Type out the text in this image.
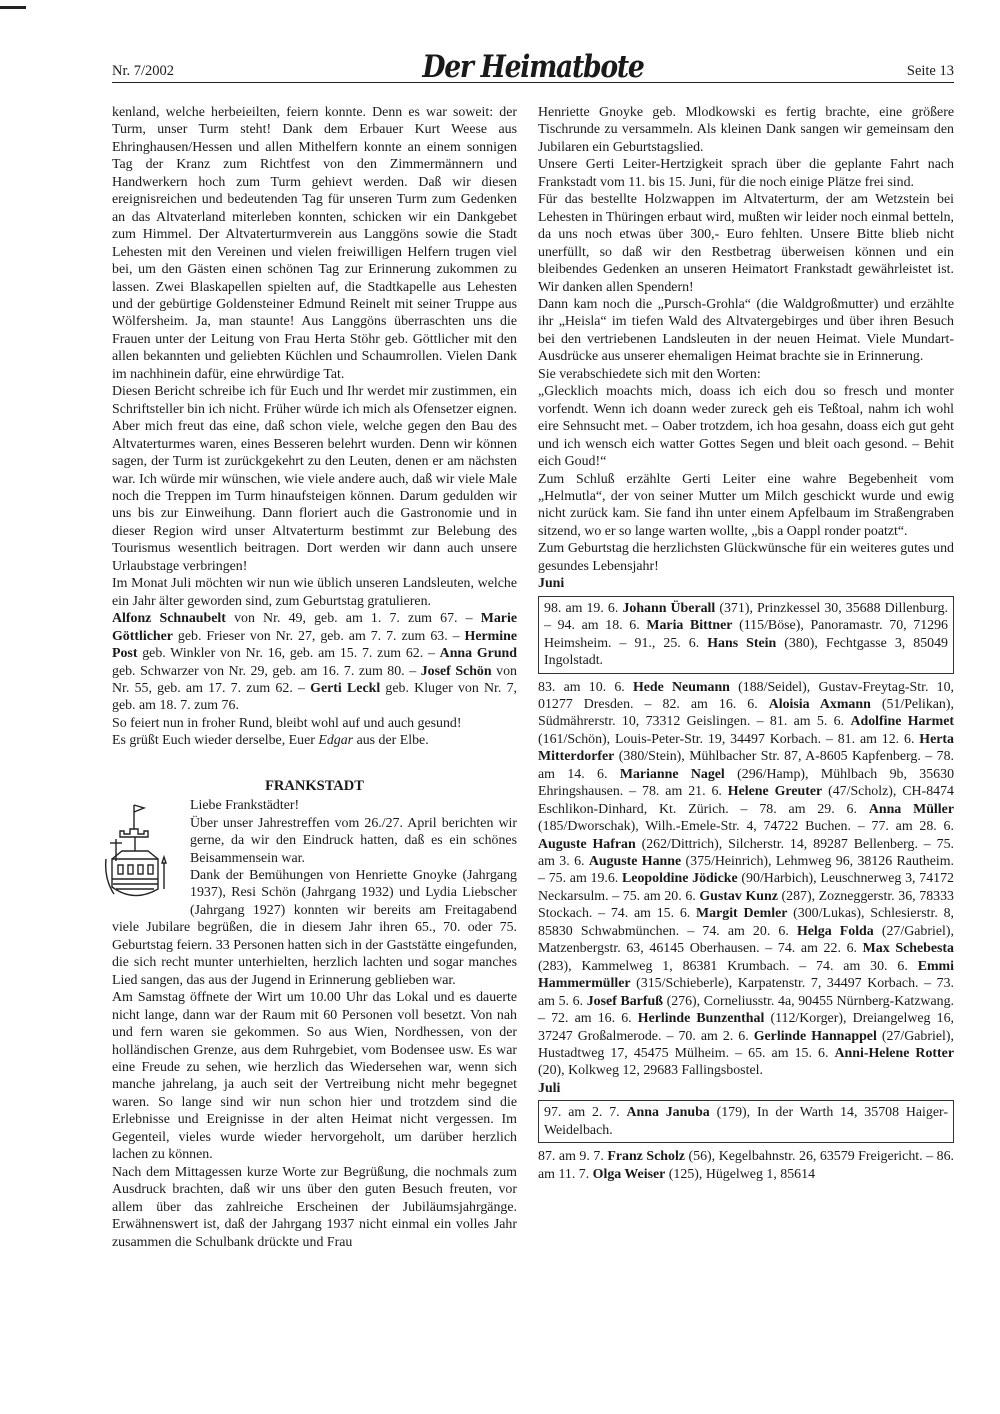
Nr. 7/2002	Der Heimatbote	Seite 13

kenland, welche herbeieilten, feiern konnte. Denn es war soweit: der Turm, unser Turm steht! Dank dem Erbauer Kurt Weese aus Ehringhausen/Hessen und allen Mithelfern konnte an einem sonnigen Tag der Kranz zum Richtfest von den Zimmermännern und Handwerkern hoch zum Turm gehievt werden. Daß wir diesen ereignisreichen und bedeutenden Tag für unseren Turm zum Gedenken an das Altvaterland miterleben konnten, schicken wir ein Dankgebet zum Himmel. Der Altvaterturmverein aus Langgöns sowie die Stadt Lehesten mit den Vereinen und vielen freiwilligen Helfern trugen viel bei, um den Gästen einen schönen Tag zur Erinnerung zukommen zu lassen. Zwei Blaskapellen spielten auf, die Stadtkapelle aus Lehesten und der gebürtige Goldensteiner Edmund Reinelt mit seiner Truppe aus Wölfersheim. Ja, man staunte! Aus Langgöns überraschten uns die Frauen unter der Leitung von Frau Herta Stöhr geb. Göttlicher mit den allen bekannten und geliebten Küchlen und Schaumrollen. Vielen Dank im nachhinein dafür, eine ehrwürdige Tat.

Diesen Bericht schreibe ich für Euch und Ihr werdet mir zustimmen, ein Schriftsteller bin ich nicht. Früher würde ich mich als Ofensetzer eignen. Aber mich freut das eine, daß schon viele, welche gegen den Bau des Altvaterturmes waren, eines Besseren belehrt wurden. Denn wir können sagen, der Turm ist zurückgekehrt zu den Leuten, denen er am nächsten war. Ich würde mir wünschen, wie viele andere auch, daß wir viele Male noch die Treppen im Turm hinaufsteigen können. Darum gedulden wir uns bis zur Einweihung. Dann floriert auch die Gastronomie und in dieser Region wird unser Altvaterturm bestimmt zur Belebung des Tourismus wesentlich beitragen. Dort werden wir dann auch unsere Urlaubstage verbringen!

Im Monat Juli möchten wir nun wie üblich unseren Landsleuten, welche ein Jahr älter geworden sind, zum Geburtstag gratulieren.

Alfonz Schnaubelt von Nr. 49, geb. am 1. 7. zum 67. – Marie Göttlicher geb. Frieser von Nr. 27, geb. am 7. 7. zum 63. – Hermine Post geb. Winkler von Nr. 16, geb. am 15. 7. zum 62. – Anna Grund geb. Schwarzer von Nr. 29, geb. am 16. 7. zum 80. – Josef Schön von Nr. 55, geb. am 17. 7. zum 62. – Gerti Leckl geb. Kluger von Nr. 7, geb. am 18. 7. zum 76.

So feiert nun in froher Rund, bleibt wohl auf und auch gesund!

Es grüßt Euch wieder derselbe, Euer Edgar aus der Elbe.

FRANKSTADT

Liebe Frankstädter!

Über unser Jahrestreffen vom 26./27. April berichten wir gerne, da wir den Eindruck hatten, daß es ein schönes Beisammensein war.

Dank der Bemühungen von Henriette Gnoyke (Jahrgang 1937), Resi Schön (Jahrgang 1932) und Lydia Liebscher (Jahrgang 1927) konnten wir bereits am Freitagabend viele Jubilare begrüßen, die in diesem Jahr ihren 65., 70. oder 75. Geburtstag feiern. 33 Personen hatten sich in der Gaststätte eingefunden, die sich recht munter unterhielten, herzlich lachten und sogar manches Lied sangen, das aus der Jugend in Erinnerung geblieben war.

Am Samstag öffnete der Wirt um 10.00 Uhr das Lokal und es dauerte nicht lange, dann war der Raum mit 60 Personen voll besetzt. Von nah und fern waren sie gekommen. So aus Wien, Nordhessen, von der holländischen Grenze, aus dem Ruhrgebiet, vom Bodensee usw. Es war eine Freude zu sehen, wie herzlich das Wiedersehen war, wenn sich manche jahrelang, ja auch seit der Vertreibung nicht mehr begegnet waren. So lange sind wir nun schon hier und trotzdem sind die Erlebnisse und Ereignisse in der alten Heimat nicht vergessen. Im Gegenteil, vieles wurde wieder hervorgeholt, um darüber herzlich lachen zu können.

Nach dem Mittagessen kurze Worte zur Begrüßung, die nochmals zum Ausdruck brachten, daß wir uns über den guten Besuch freuten, vor allem über das zahlreiche Erscheinen der Jubiläumsjahrgänge. Erwähnenswert ist, daß der Jahrgang 1937 nicht einmal ein volles Jahr zusammen die Schulbank drückte und Frau

Henriette Gnoyke geb. Mlodkowski es fertig brachte, eine größere Tischrunde zu versammeln. Als kleinen Dank sangen wir gemeinsam den Jubilaren ein Geburtstagslied.

Unsere Gerti Leiter-Hertzigkeit sprach über die geplante Fahrt nach Frankstadt vom 11. bis 15. Juni, für die noch einige Plätze frei sind.

Für das bestellte Holzwappen im Altvaterturm, der am Wetzstein bei Lehesten in Thüringen erbaut wird, mußten wir leider noch einmal betteln, da uns noch etwas über 300,- Euro fehlten. Unsere Bitte blieb nicht unerfüllt, so daß wir den Restbetrag überweisen können und ein bleibendes Gedenken an unseren Heimatort Frankstadt gewährleistet ist. Wir danken allen Spendern!

Dann kam noch die „Pursch-Grohla“ (die Waldgroßmutter) und erzählte ihr „Heisla“ im tiefen Wald des Altvatergebirges und über ihren Besuch bei den vertriebenen Landsleuten in der neuen Heimat. Viele Mundart-Ausdrücke aus unserer ehemaligen Heimat brachte sie in Erinnerung.

Sie verabschiedete sich mit den Worten:

„Glecklich moachts mich, doass ich eich dou so fresch und monter vorfendt. Wenn ich doann weder zureck geh eis Teßtoal, nahm ich wohl eire Sehnsucht met. – Oaber trotzdem, ich hoa gesahn, doass eich gut geht und ich wensch eich watter Gottes Segen und bleit oach gesond. – Behit eich Goud!“

Zum Schluß erzählte Gerti Leiter eine wahre Begebenheit vom „Helmutla“, der von seiner Mutter um Milch geschickt wurde und ewig nicht zurück kam. Sie fand ihn unter einem Apfelbaum im Straßengraben sitzend, wo er so lange warten wollte, „bis a Oappl ronder poatzt“.

Zum Geburtstag die herzlichsten Glückwünsche für ein weiteres gutes und gesundes Lebensjahr!

Juni

98. am 19. 6. Johann Überall (371), Prinzkessel 30, 35688 Dillenburg. – 94. am 18. 6. Maria Bittner (115/Böse), Panoramastr. 70, 71296 Heimsheim. – 91., 25. 6. Hans Stein (380), Fechtgasse 3, 85049 Ingolstadt.

83. am 10. 6. Hede Neumann (188/Seidel), Gustav-Freytag-Str. 10, 01277 Dresden. – 82. am 16. 6. Aloisia Axmann (51/Pelikan), Südmährerstr. 10, 73312 Geislingen. – 81. am 5. 6. Adolfine Harmet (161/Schön), Louis-Peter-Str. 19, 34497 Korbach. – 81. am 12. 6. Herta Mitterdorfer (380/Stein), Mühlbacher Str. 87, A-8605 Kapfenberg. – 78. am 14. 6. Marianne Nagel (296/Hamp), Mühlbach 9b, 35630 Ehringshausen. – 78. am 21. 6. Helene Greuter (47/Scholz), CH-8474 Eschlikon-Dinhard, Kt. Zürich. – 78. am 29. 6. Anna Müller (185/Dworschak), Wilh.-Emele-Str. 4, 74722 Buchen. – 77. am 28. 6. Auguste Hafran (262/Dittrich), Silcherstr. 14, 89287 Bellenberg. – 75. am 3. 6. Auguste Hanne (375/Heinrich), Lehmweg 96, 38126 Rautheim. – 75. am 19.6. Leopoldine Jödicke (90/Harbich), Leuschnerweg 3, 74172 Neckarsulm. – 75. am 20. 6. Gustav Kunz (287), Zozneggerstr. 36, 78333 Stockach. – 74. am 15. 6. Margit Demler (300/Lukas), Schlesierstr. 8, 85830 Schwabmünchen. – 74. am 20. 6. Helga Folda (27/Gabriel), Matzenbergstr. 63, 46145 Oberhausen. – 74. am 22. 6. Max Schebesta (283), Kammelweg 1, 86381 Krumbach. – 74. am 30. 6. Emmi Hammermüller (315/Schieberle), Karpatenstr. 7, 34497 Korbach. – 73. am 5. 6. Josef Barfuß (276), Corneliusstr. 4a, 90455 Nürnberg-Katzwang. – 72. am 16. 6. Herlinde Bunzenthal (112/Korger), Dreiangelweg 16, 37247 Großalmerode. – 70. am 2. 6. Gerlinde Hannappel (27/Gabriel), Hustadtweg 17, 45475 Mülheim. – 65. am 15. 6. Anni-Helene Rotter (20), Kolkweg 12, 29683 Fallingsbostel.

Juli

97. am 2. 7. Anna Januba (179), In der Warth 14, 35708 Haiger-Weidelbach.

87. am 9. 7. Franz Scholz (56), Kegelbahnstr. 26, 63579 Freigericht. – 86. am 11. 7. Olga Weiser (125), Hügelweg 1, 85614
